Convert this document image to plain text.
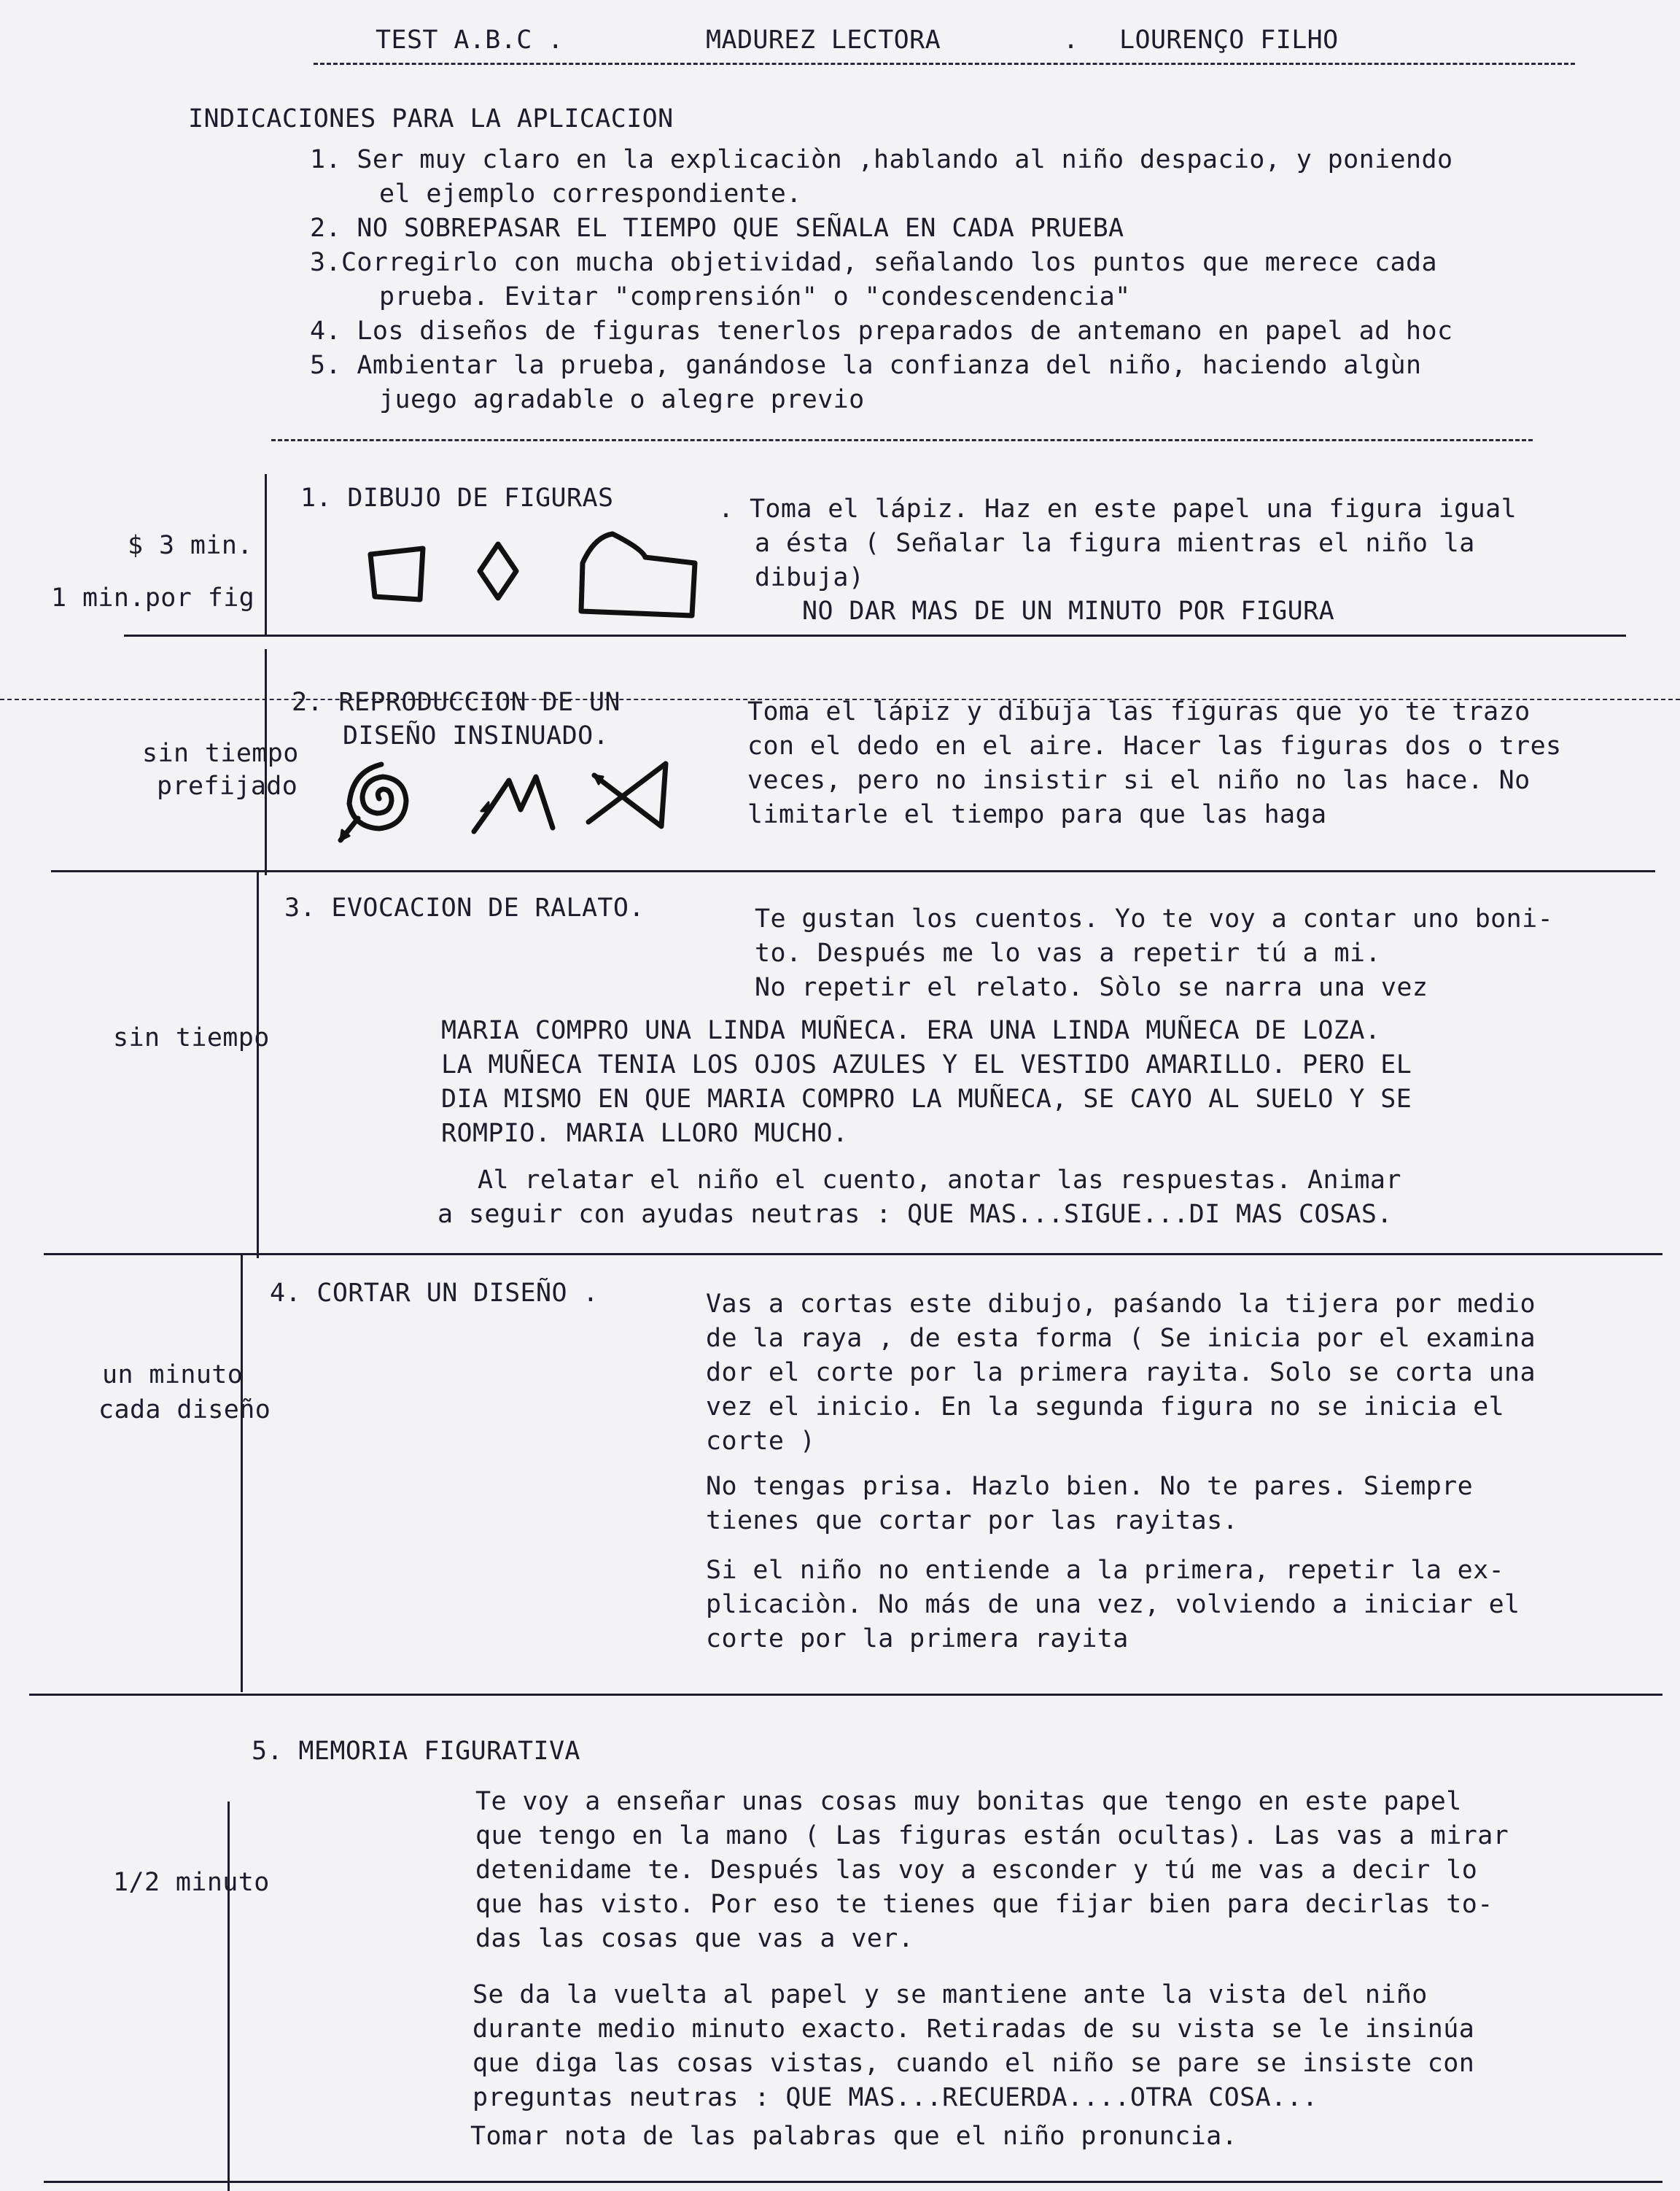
TEST A.B.C .	MADUREZ LECTORA	. LOURENÇO FILHO
INDICACIONES PARA LA APLICACION
1. Ser muy claro en la explicaciòn ,hablando al niño despacio, y poniendo
el ejemplo correspondiente.
2. NO SOBREPASAR EL TIEMPO QUE SEÑALA EN CADA PRUEBA
3.Corregirlo con mucha objetividad, señalando los puntos que merece cada
prueba. Evitar "comprensión" o "condescendencia"
4. Los diseños de figuras tenerlos preparados de antemano en papel ad hoc
5. Ambientar la prueba, ganándose la confianza del niño, haciendo algùn
juego agradable o alegre previo
$ 3 min.
1 min.por fig
1. DIBUJO DE FIGURAS	. Toma el lápiz. Haz en este papel una figura igual
a ésta ( Señalar la figura mientras el niño la
dibuja)
NO DAR MAS DE UN MINUTO POR FIGURA
sin tiempo
prefijado
2. REPRODUCCION DE UN
DISEÑO INSINUADO.
Toma el lápiz y dibuja las figuras que yo te trazo
con el dedo en el aire. Hacer las figuras dos o tres
veces, pero no insistir si el niño no las hace. No
limitarle el tiempo para que las haga
sin tiempo
3. EVOCACION DE RALATO.	Te gustan los cuentos. Yo te voy a contar uno boni-
to. Después me lo vas a repetir tú a mi.
No repetir el relato. Sòlo se narra una vez
MARIA COMPRO UNA LINDA MUÑECA. ERA UNA LINDA MUÑECA DE LOZA.
LA MUÑECA TENIA LOS OJOS AZULES Y EL VESTIDO AMARILLO. PERO EL
DIA MISMO EN QUE MARIA COMPRO LA MUÑECA, SE CAYO AL SUELO Y SE
ROMPIO. MARIA LLORO MUCHO.
Al relatar el niño el cuento, anotar las respuestas. Animar
a seguir con ayudas neutras : QUE MAS...SIGUE...DI MAS COSAS.
un minuto
cada diseño
4. CORTAR UN DISEÑO .	Vas a cortas este dibujo, paśando la tijera por medio
de la raya , de esta forma ( Se inicia por el examina
dor el corte por la primera rayita. Solo se corta una
vez el inicio. En la segunda figura no se inicia el
corte )
No tengas prisa. Hazlo bien. No te pares. Siempre
tienes que cortar por las rayitas.
Si el niño no entiende a la primera, repetir la ex-
plicaciòn. No más de una vez, volviendo a iniciar el
corte por la primera rayita
1/2 minuto
5. MEMORIA FIGURATIVA
Te voy a enseñar unas cosas muy bonitas que tengo en este papel
que tengo en la mano ( Las figuras están ocultas). Las vas a mirar
detenidame te. Después las voy a esconder y tú me vas a decir lo
que has visto. Por eso te tienes que fijar bien para decirlas to-
das las cosas que vas a ver.
Se da la vuelta al papel y se mantiene ante la vista del niño
durante medio minuto exacto. Retiradas de su vista se le insinúa
que diga las cosas vistas, cuando el niño se pare se insiste con
preguntas neutras : QUE MAS...RECUERDA....OTRA COSA...
Tomar nota de las palabras que el niño pronuncia.
